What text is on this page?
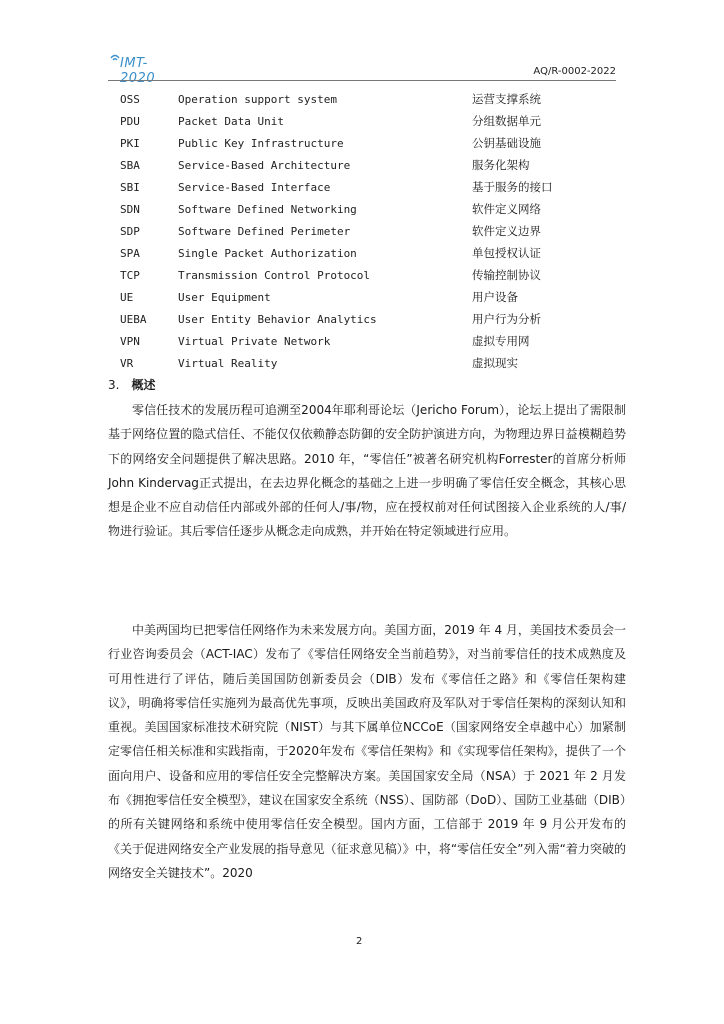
IMT-2020	AQ/R-0002-2022
OSS	Operation support system	运营支撑系统
PDU	Packet Data Unit	分组数据单元
PKI	Public Key Infrastructure	公钥基础设施
SBA	Service-Based Architecture	服务化架构
SBI	Service-Based Interface	基于服务的接口
SDN	Software Defined Networking	软件定义网络
SDP	Software Defined Perimeter	软件定义边界
SPA	Single Packet Authorization	单包授权认证
TCP	Transmission Control Protocol	传输控制协议
UE	User Equipment	用户设备
UEBA	User Entity Behavior Analytics	用户行为分析
VPN	Virtual Private Network	虚拟专用网
VR	Virtual Reality	虚拟现实
3. 概述
零信任技术的发展历程可追溯至2004年耶利哥论坛（Jericho Forum），论坛上提出了需限制基于网络位置的隐式信任、不能仅仅依赖静态防御的安全防护演进方向，为物理边界日益模糊趋势下的网络安全问题提供了解决思路。2010 年，“零信任”被著名研究机构Forrester的首席分析师John Kindervag正式提出，在去边界化概念的基础之上进一步明确了零信任安全概念，其核心思想是企业不应自动信任内部或外部的任何人/事/物，应在授权前对任何试图接入企业系统的人/事/物进行验证。其后零信任逐步从概念走向成熟，并开始在特定领域进行应用。
中美两国均已把零信任网络作为未来发展方向。美国方面，2019 年 4 月，美国技术委员会一行业咨询委员会（ACT-IAC）发布了《零信任网络安全当前趋势》，对当前零信任的技术成熟度及可用性进行了评估，随后美国国防创新委员会（DIB）发布《零信任之路》和《零信任架构建议》，明确将零信任实施列为最高优先事项，反映出美国政府及军队对于零信任架构的深刻认知和重视。美国国家标准技术研究院（NIST）与其下属单位NCCoE（国家网络安全卓越中心）加紧制定零信任相关标准和实践指南，于2020年发布《零信任架构》和《实现零信任架构》，提供了一个面向用户、设备和应用的零信任安全完整解决方案。美国国家安全局（NSA）于 2021 年 2 月发布《拥抱零信任安全模型》，建议在国家安全系统（NSS）、国防部（DoD）、国防工业基础（DIB）的所有关键网络和系统中使用零信任安全模型。国内方面，工信部于 2019 年 9 月公开发布的《关于促进网络安全产业发展的指导意见（征求意见稿）》中，将“零信任安全”列入需“着力突破的网络安全关键技术”。2020
2
